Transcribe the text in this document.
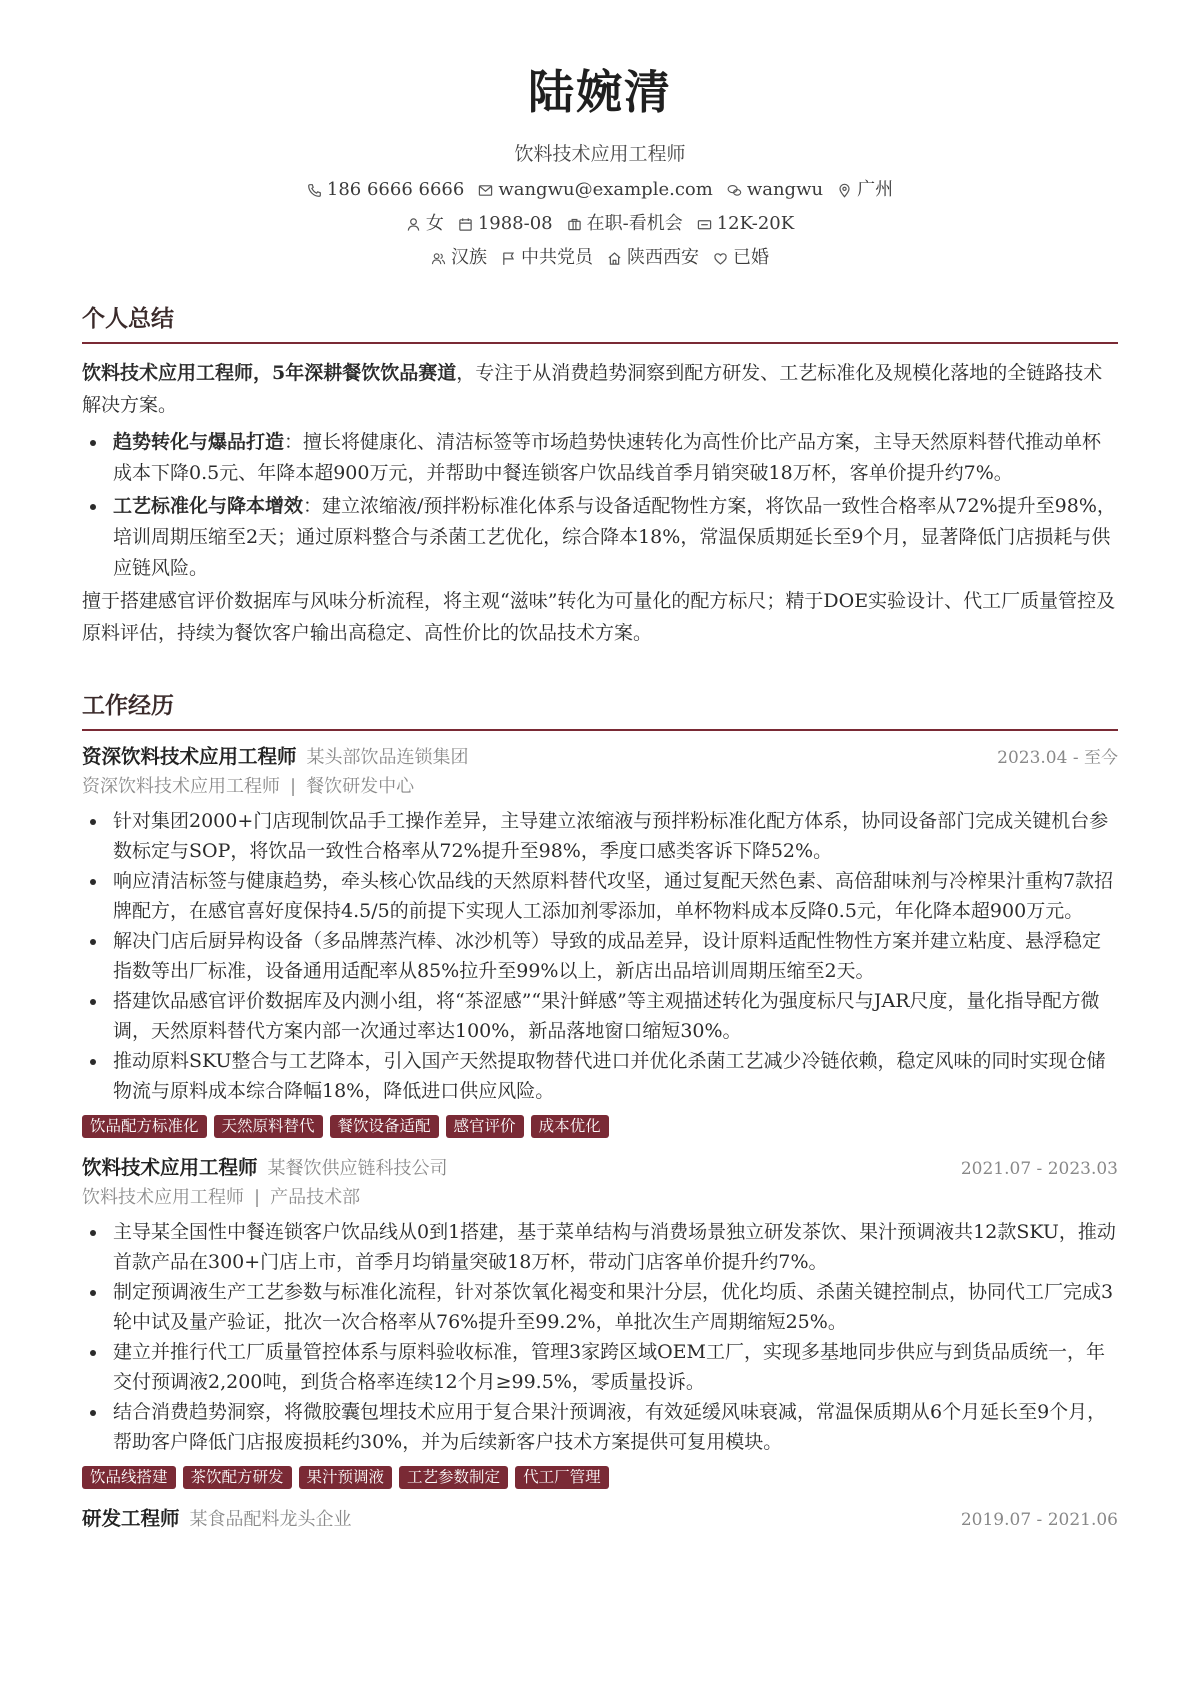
陆婉清
饮料技术应用工程师
186 6666 6666 wangwu@example.com wangwu 广州
女 1988-08 在职-看机会 12K-20K
汉族 中共党员 陕西西安 已婚
个人总结

饮料技术应用工程师，5年深耕餐饮饮品赛道，专注于从消费趋势洞察到配方研发、工艺标准化及规模化落地的全链路技术解决方案。

趋势转化与爆品打造：擅长将健康化、清洁标签等市场趋势快速转化为高性价比产品方案，主导天然原料替代推动单杯成本下降0.5元、年降本超900万元，并帮助中餐连锁客户饮品线首季月销突破18万杯，客单价提升约7%。
工艺标准化与降本增效：建立浓缩液/预拌粉标准化体系与设备适配物性方案，将饮品一致性合格率从72%提升至98%，培训周期压缩至2天；通过原料整合与杀菌工艺优化，综合降本18%，常温保质期延长至9个月，显著降低门店损耗与供应链风险。

擅于搭建感官评价数据库与风味分析流程，将主观“滋味”转化为可量化的配方标尺；精于DOE实验设计、代工厂质量管控及原料评估，持续为餐饮客户输出高稳定、高性价比的饮品技术方案。

工作经历
资深饮料技术应用工程师 某头部饮品连锁集团	2023.04 - 至今
资深饮料技术应用工程师 | 餐饮研发中心
针对集团2000+门店现制饮品手工操作差异，主导建立浓缩液与预拌粉标准化配方体系，协同设备部门完成关键机台参数标定与SOP，将饮品一致性合格率从72%提升至98%，季度口感类客诉下降52%。
响应清洁标签与健康趋势，牵头核心饮品线的天然原料替代攻坚，通过复配天然色素、高倍甜味剂与冷榨果汁重构7款招牌配方，在感官喜好度保持4.5/5的前提下实现人工添加剂零添加，单杯物料成本反降0.5元，年化降本超900万元。
解决门店后厨异构设备（多品牌蒸汽棒、冰沙机等）导致的成品差异，设计原料适配性物性方案并建立粘度、悬浮稳定指数等出厂标准，设备通用适配率从85%拉升至99%以上，新店出品培训周期压缩至2天。
搭建饮品感官评价数据库及内测小组，将“茶涩感”“果汁鲜感”等主观描述转化为强度标尺与JAR尺度，量化指导配方微调，天然原料替代方案内部一次通过率达100%，新品落地窗口缩短30%。
推动原料SKU整合与工艺降本，引入国产天然提取物替代进口并优化杀菌工艺减少冷链依赖，稳定风味的同时实现仓储物流与原料成本综合降幅18%，降低进口供应风险。
饮品配方标准化	天然原料替代	餐饮设备适配	感官评价	成本优化
饮料技术应用工程师 某餐饮供应链科技公司	2021.07 - 2023.03
饮料技术应用工程师 | 产品技术部
主导某全国性中餐连锁客户饮品线从0到1搭建，基于菜单结构与消费场景独立研发茶饮、果汁预调液共12款SKU，推动首款产品在300+门店上市，首季月均销量突破18万杯，带动门店客单价提升约7%。
制定预调液生产工艺参数与标准化流程，针对茶饮氧化褐变和果汁分层，优化均质、杀菌关键控制点，协同代工厂完成3轮中试及量产验证，批次一次合格率从76%提升至99.2%，单批次生产周期缩短25%。
建立并推行代工厂质量管控体系与原料验收标准，管理3家跨区域OEM工厂，实现多基地同步供应与到货品质统一，年交付预调液2,200吨，到货合格率连续12个月≥99.5%，零质量投诉。
结合消费趋势洞察，将微胶囊包埋技术应用于复合果汁预调液，有效延缓风味衰减，常温保质期从6个月延长至9个月，帮助客户降低门店报废损耗约30%，并为后续新客户技术方案提供可复用模块。
饮品线搭建	茶饮配方研发	果汁预调液	工艺参数制定	代工厂管理
研发工程师 某食品配料龙头企业	2019.07 - 2021.06
